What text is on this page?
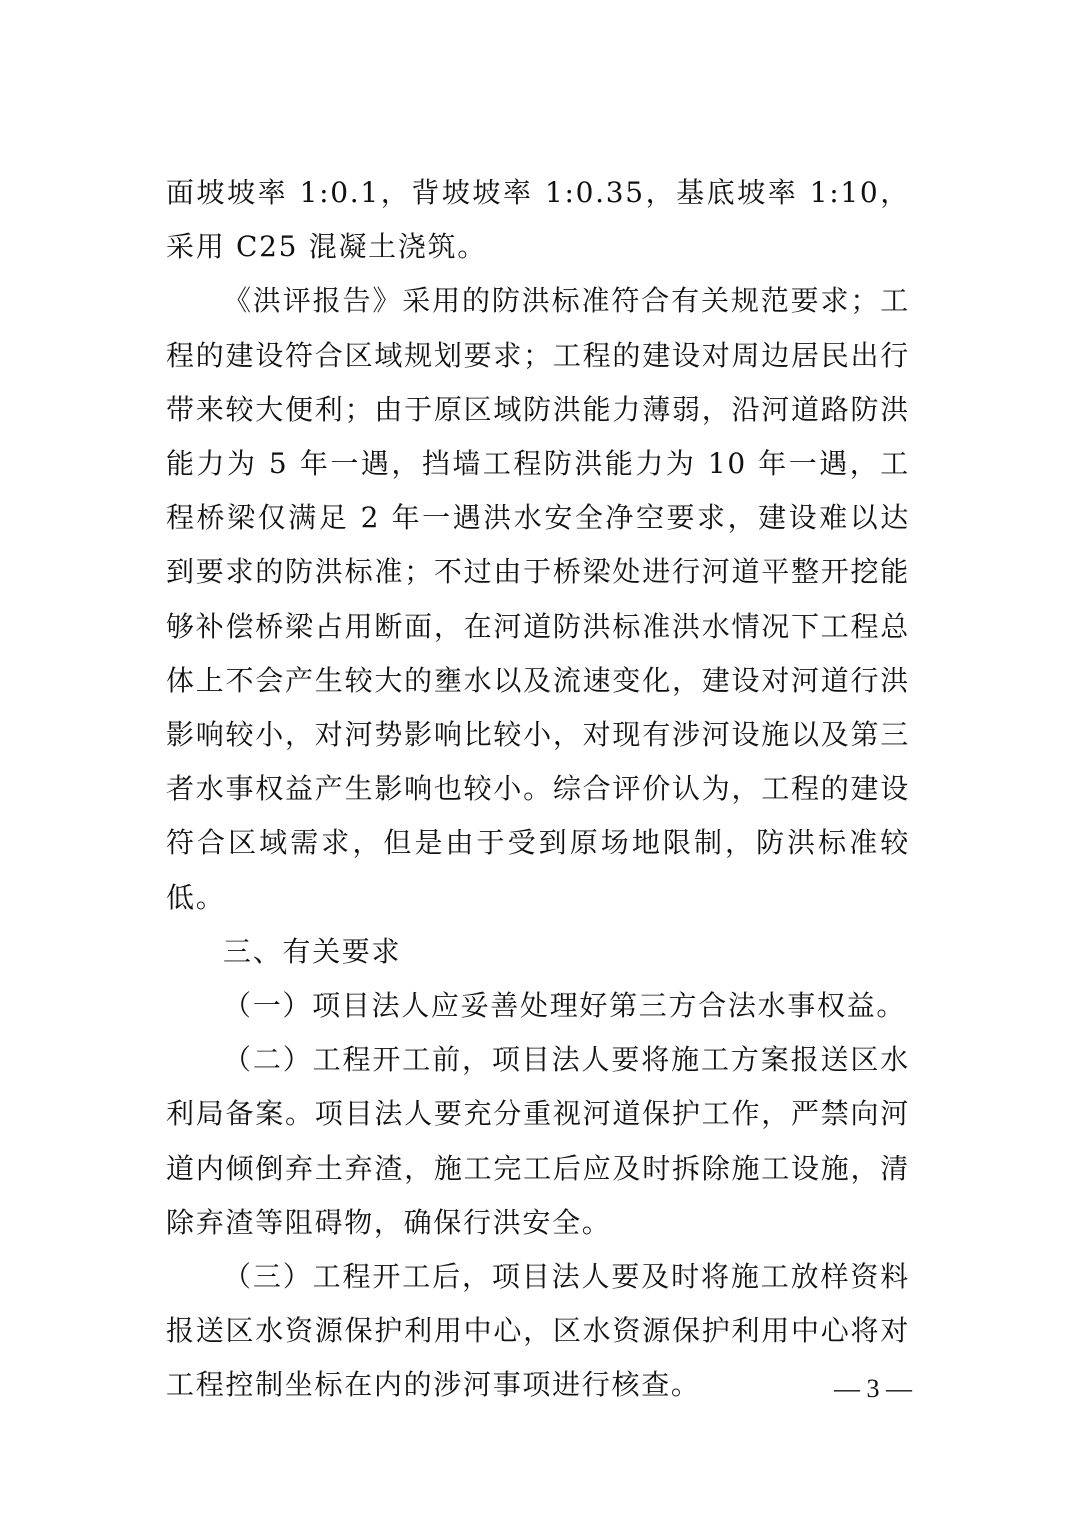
面坡坡率 1:0.1，背坡坡率 1:0.35，基底坡率 1:10，采用 C25 混凝土浇筑。

《洪评报告》采用的防洪标准符合有关规范要求；工程的建设符合区域规划要求；工程的建设对周边居民出行带来较大便利；由于原区域防洪能力薄弱，沿河道路防洪能力为 5 年一遇，挡墙工程防洪能力为 10 年一遇，工程桥梁仅满足 2 年一遇洪水安全净空要求，建设难以达到要求的防洪标准；不过由于桥梁处进行河道平整开挖能够补偿桥梁占用断面，在河道防洪标准洪水情况下工程总体上不会产生较大的壅水以及流速变化，建设对河道行洪影响较小，对河势影响比较小，对现有涉河设施以及第三者水事权益产生影响也较小。综合评价认为，工程的建设符合区域需求，但是由于受到原场地限制，防洪标准较低。

三、有关要求

（一）项目法人应妥善处理好第三方合法水事权益。

（二）工程开工前，项目法人要将施工方案报送区水利局备案。项目法人要充分重视河道保护工作，严禁向河道内倾倒弃土弃渣，施工完工后应及时拆除施工设施，清除弃渣等阻碍物，确保行洪安全。

（三）工程开工后，项目法人要及时将施工放样资料报送区水资源保护利用中心，区水资源保护利用中心将对工程控制坐标在内的涉河事项进行核查。	— 3 —
